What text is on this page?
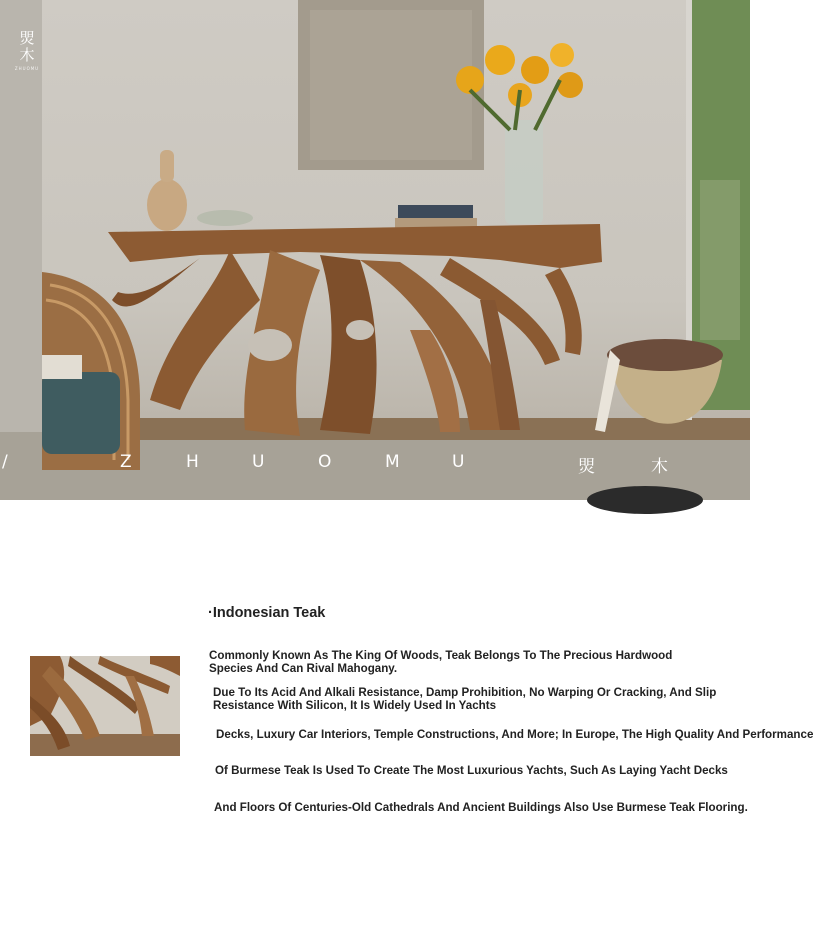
焸
木
ZHUOMU
/	Z	H	U	O	M	U	焸	木
·Indonesian Teak
Commonly Known As The King Of Woods, Teak Belongs To The Precious Hardwood
Species And Can Rival Mahogany.
Due To Its Acid And Alkali Resistance, Damp Prohibition, No Warping Or Cracking, And Slip
Resistance With Silicon, It Is Widely Used In Yachts
Decks, Luxury Car Interiors, Temple Constructions, And More; In Europe, The High Quality And Performance
Of Burmese Teak Is Used To Create The Most Luxurious Yachts, Such As Laying Yacht Decks
And Floors Of Centuries-Old Cathedrals And Ancient Buildings Also Use Burmese Teak Flooring.
